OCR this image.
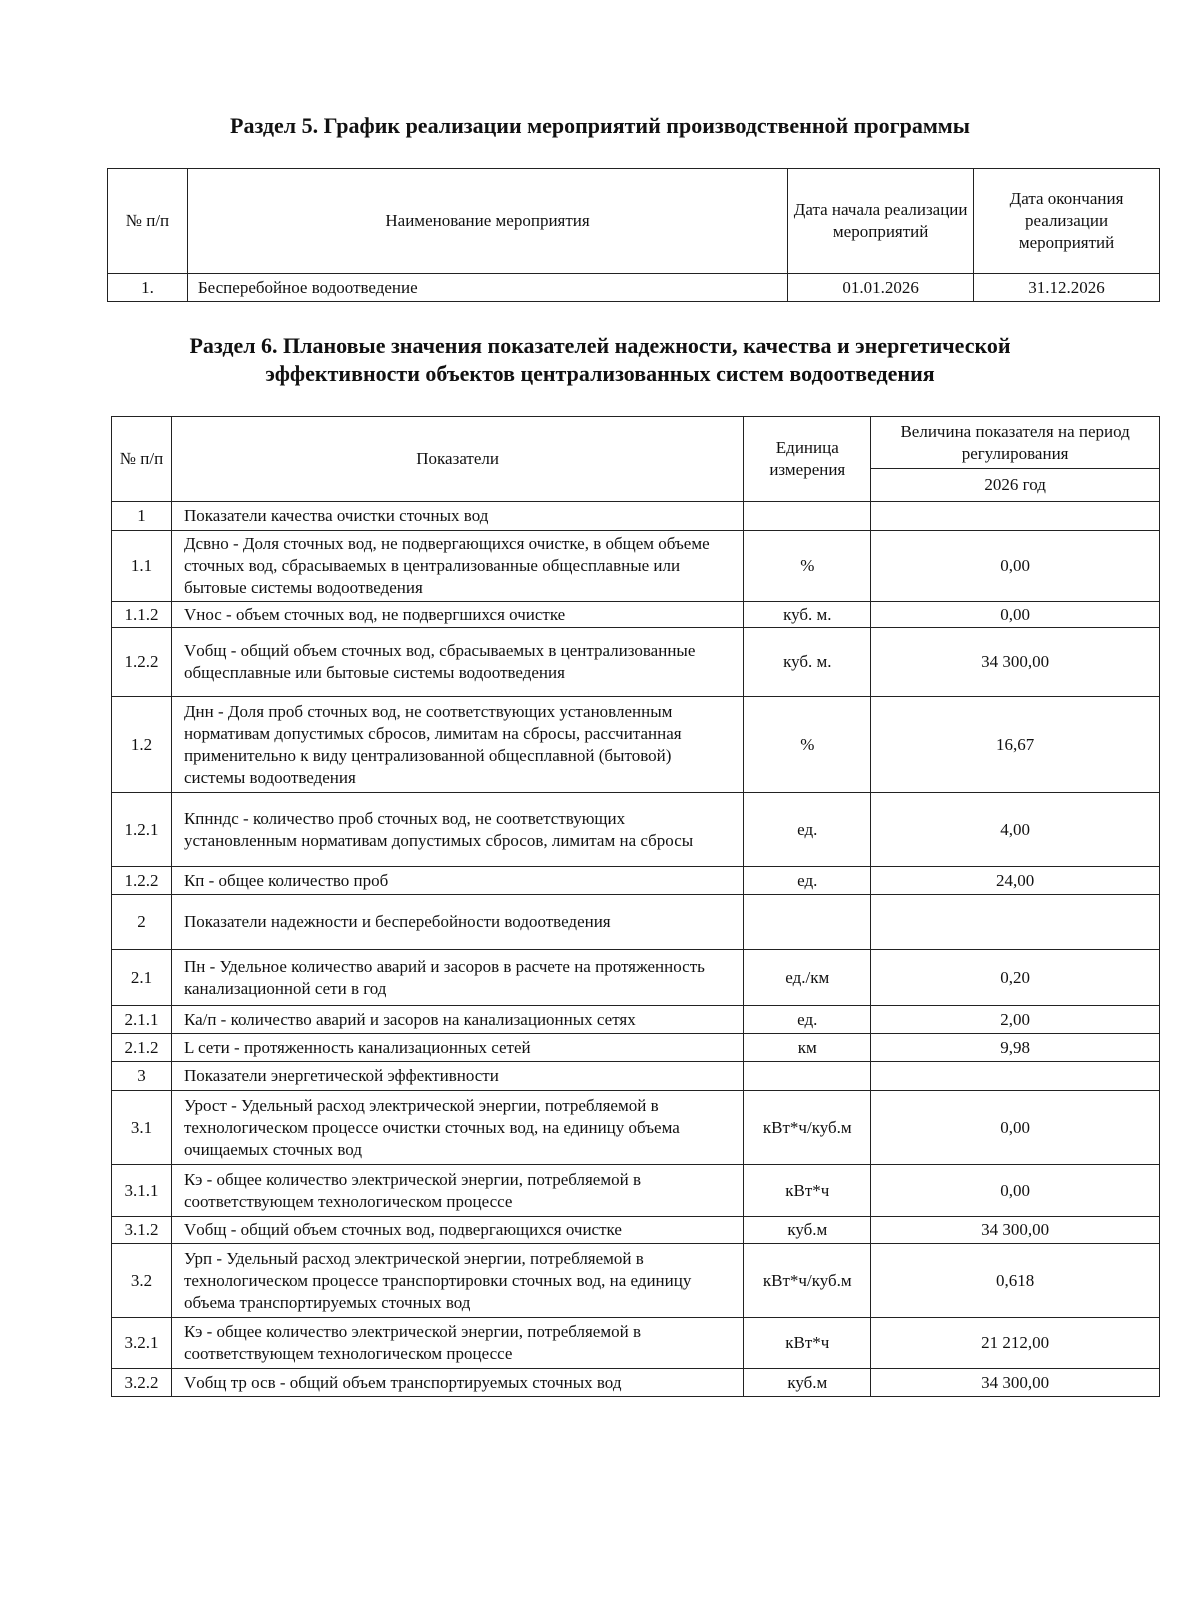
Раздел 5. График реализации мероприятий производственной программы
№ п/п	Наименование мероприятия	Дата начала реализации мероприятий	Дата окончания реализации мероприятий
1.	Бесперебойное водоотведение	01.01.2026	31.12.2026
Раздел 6. Плановые значения показателей надежности, качества и энергетической
эффективности объектов централизованных систем водоотведения
№ п/п	Показатели	Единица измерения	Величина показателя на период регулирования
			2026 год
1	Показатели качества очистки сточных вод		
1.1	Дсвно - Доля сточных вод, не подвергающихся очистке, в общем объеме сточных вод, сбрасываемых в централизованные общесплавные или бытовые системы водоотведения	%	0,00
1.1.2	Vнос - объем сточных вод, не подвергшихся очистке	куб. м.	0,00
1.2.2	Vобщ - общий объем сточных вод, сбрасываемых в централизованные общесплавные или бытовые системы водоотведения	куб. м.	34 300,00
1.2	Днн - Доля проб сточных вод, не соответствующих установленным нормативам допустимых сбросов, лимитам на сбросы, рассчитанная применительно к виду централизованной общесплавной (бытовой) системы водоотведения	%	16,67
1.2.1	Кпнндс - количество проб сточных вод, не соответствующих установленным нормативам допустимых сбросов, лимитам на сбросы	ед.	4,00
1.2.2	Кп - общее количество проб	ед.	24,00
2	Показатели надежности и бесперебойности водоотведения		
2.1	Пн - Удельное количество аварий и засоров в расчете на протяженность канализационной сети в год	ед./км	0,20
2.1.1	Ка/п - количество аварий и засоров на канализационных сетях	ед.	2,00
2.1.2	L сети - протяженность канализационных сетей	км	9,98
3	Показатели энергетической эффективности		
3.1	Урост - Удельный расход электрической энергии, потребляемой в технологическом процессе очистки сточных вод, на единицу объема очищаемых сточных вод	кВт*ч/куб.м	0,00
3.1.1	Кэ - общее количество электрической энергии, потребляемой в соответствующем технологическом процессе	кВт*ч	0,00
3.1.2	Vобщ - общий объем сточных вод, подвергающихся очистке	куб.м	34 300,00
3.2	Урп - Удельный расход электрической энергии, потребляемой в технологическом процессе транспортировки сточных вод, на единицу объема транспортируемых сточных вод	кВт*ч/куб.м	0,618
3.2.1	Кэ - общее количество электрической энергии, потребляемой в соответствующем технологическом процессе	кВт*ч	21 212,00
3.2.2	Vобщ тр осв - общий объем транспортируемых сточных вод	куб.м	34 300,00
